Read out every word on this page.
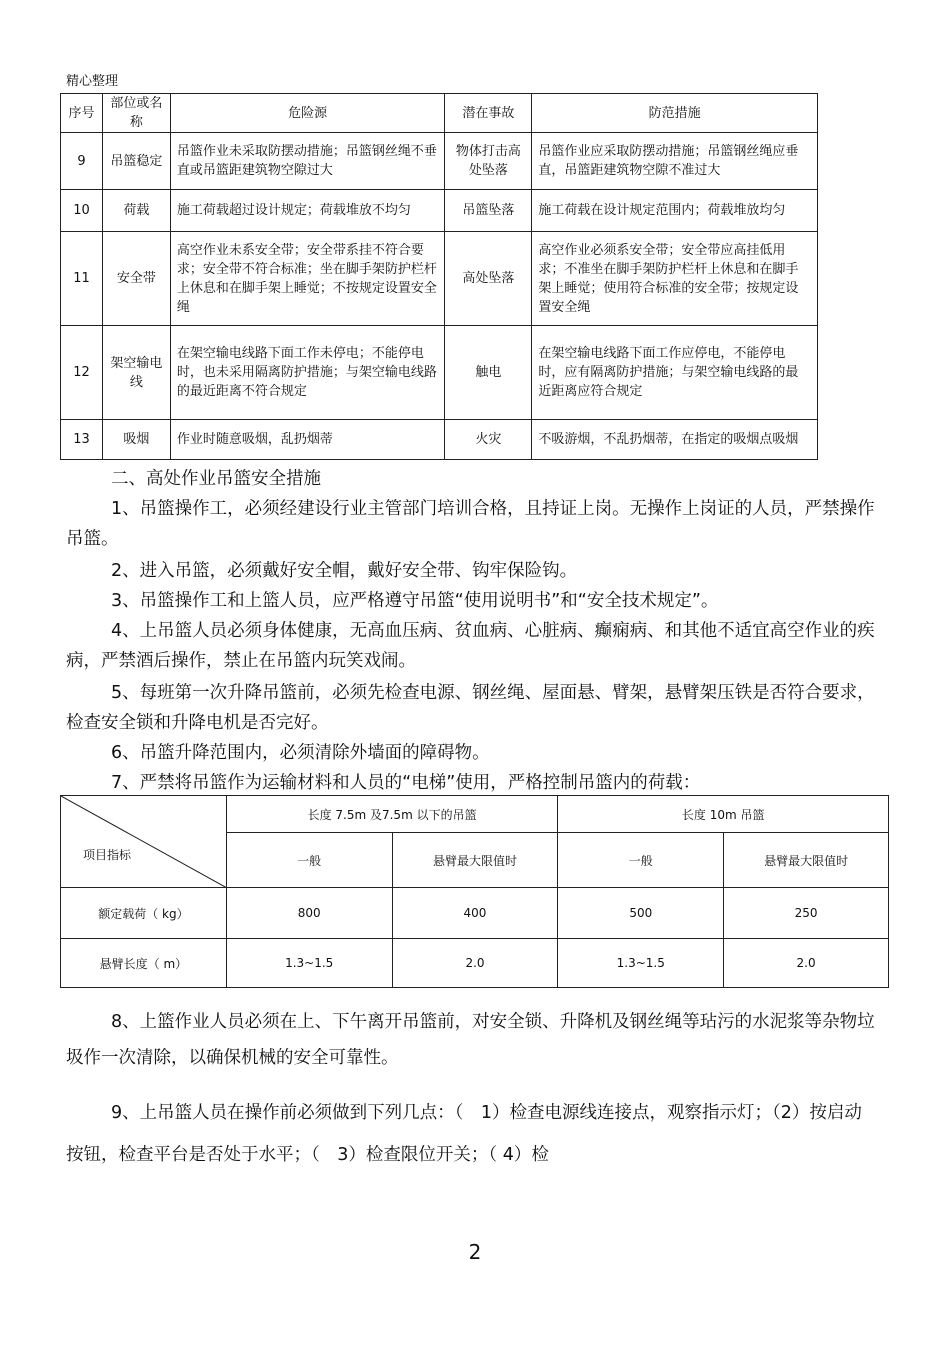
精心整理
序号	部位或名称	危险源	潜在事故	防范措施
9	吊篮稳定	吊篮作业未采取防摆动措施；吊篮钢丝绳不垂直或吊篮距建筑物空隙过大	物体打击高处坠落	吊篮作业应采取防摆动措施；吊篮钢丝绳应垂直，吊篮距建筑物空隙不准过大
10	荷载	施工荷载超过设计规定；荷载堆放不均匀	吊篮坠落	施工荷载在设计规定范围内；荷载堆放均匀
11	安全带	高空作业未系安全带；安全带系挂不符合要求；安全带不符合标准；坐在脚手架防护栏杆上休息和在脚手架上睡觉；不按规定设置安全绳	高处坠落	高空作业必须系安全带；安全带应高挂低用求；不准坐在脚手架防护栏杆上休息和在脚手架上睡觉；使用符合标准的安全带；按规定设置安全绳
12	架空输电线	在架空输电线路下面工作未停电；不能停电时，也未采用隔离防护措施；与架空输电线路的最近距离不符合规定	触电	在架空输电线路下面工作应停电，不能停电时，应有隔离防护措施；与架空输电线路的最近距离应符合规定
13	吸烟	作业时随意吸烟，乱扔烟蒂	火灾	不吸游烟，不乱扔烟蒂，在指定的吸烟点吸烟

二、高处作业吊篮安全措施

1、吊篮操作工，必须经建设行业主管部门培训合格，且持证上岗。无操作上岗证的人员，严禁操作吊篮。

2、进入吊篮，必须戴好安全帽，戴好安全带、钩牢保险钩。

3、吊篮操作工和上篮人员，应严格遵守吊篮“使用说明书”和“安全技术规定”。

4、上吊篮人员必须身体健康，无高血压病、贫血病、心脏病、癫痫病、和其他不适宜高空作业的疾病，严禁酒后操作，禁止在吊篮内玩笑戏闹。

5、每班第一次升降吊篮前，必须先检查电源、钢丝绳、屋面悬、臂架，悬臂架压铁是否符合要求，检查安全锁和升降电机是否完好。

6、吊篮升降范围内，必须清除外墙面的障碍物。

7、严禁将吊篮作为运输材料和人员的“电梯”使用，严格控制吊篮内的荷载：

项目指标	长度 7.5m 及7.5m 以下的吊篮		长度 10m 吊篮	
	一般	悬臂最大限值时	一般	悬臂最大限值时
额定载荷（ kg）	800	400	500	250
悬臂长度（ m）	1.3~1.5	2.0	1.3~1.5	2.0

8、上篮作业人员必须在上、下午离开吊篮前，对安全锁、升降机及钢丝绳等玷污的水泥浆等杂物垃圾作一次清除，以确保机械的安全可靠性。

9、上吊篮人员在操作前必须做到下列几点：（　1）检查电源线连接点，观察指示灯；（2）按启动按钮，检查平台是否处于水平；（　3）检查限位开关；（ 4）检

2
